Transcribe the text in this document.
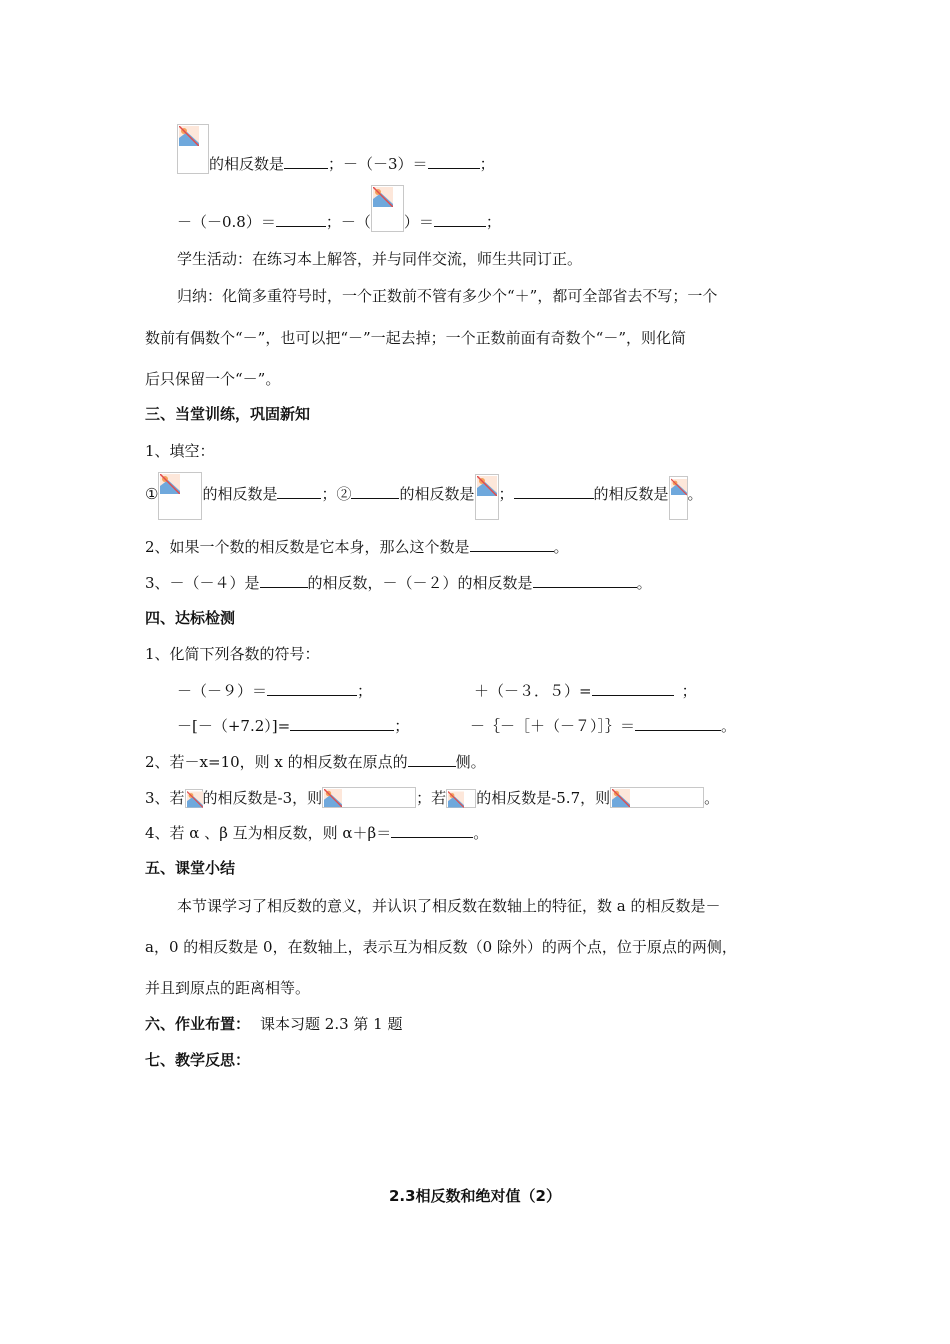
的相反数是	；－（－3）＝	；
－（－0.8）＝	；－（ ）＝	；
学生活动：在练习本上解答，并与同伴交流，师生共同订正。
归纳：化简多重符号时，一个正数前不管有多少个“＋”，都可全部省去不写；一个
数前有偶数个“－”，也可以把“－”一起去掉；一个正数前面有奇数个“－”，则化简
后只保留一个“－”。
三、当堂训练，巩固新知
1、填空：
①	的相反数是	；②	的相反数是 ；	的相反数是 。
2、如果一个数的相反数是它本身，那么这个数是	。
3、－（－４）是	的相反数，－（－２）的相反数是	。
四、达标检测
1、化简下列各数的符号：
－（－９）＝	；	＋（－３．５）=	；
－[－（+7.2）]=	；	－｛－［＋（－７）］｝＝	。
2、若－x=10，则 x 的相反数在原点的	侧。
3、若 的相反数是-3，则	；若 的相反数是-5.7，则	。
4、若 α 、β 互为相反数，则 α＋β＝	。
五、课堂小结
本节课学习了相反数的意义，并认识了相反数在数轴上的特征，数 a 的相反数是－
a，0 的相反数是 0，在数轴上，表示互为相反数（0 除外）的两个点，位于原点的两侧，
并且到原点的距离相等。
六、作业布置： 课本习题 2.3 第 1 题
七、教学反思：
2.3相反数和绝对值（2）
